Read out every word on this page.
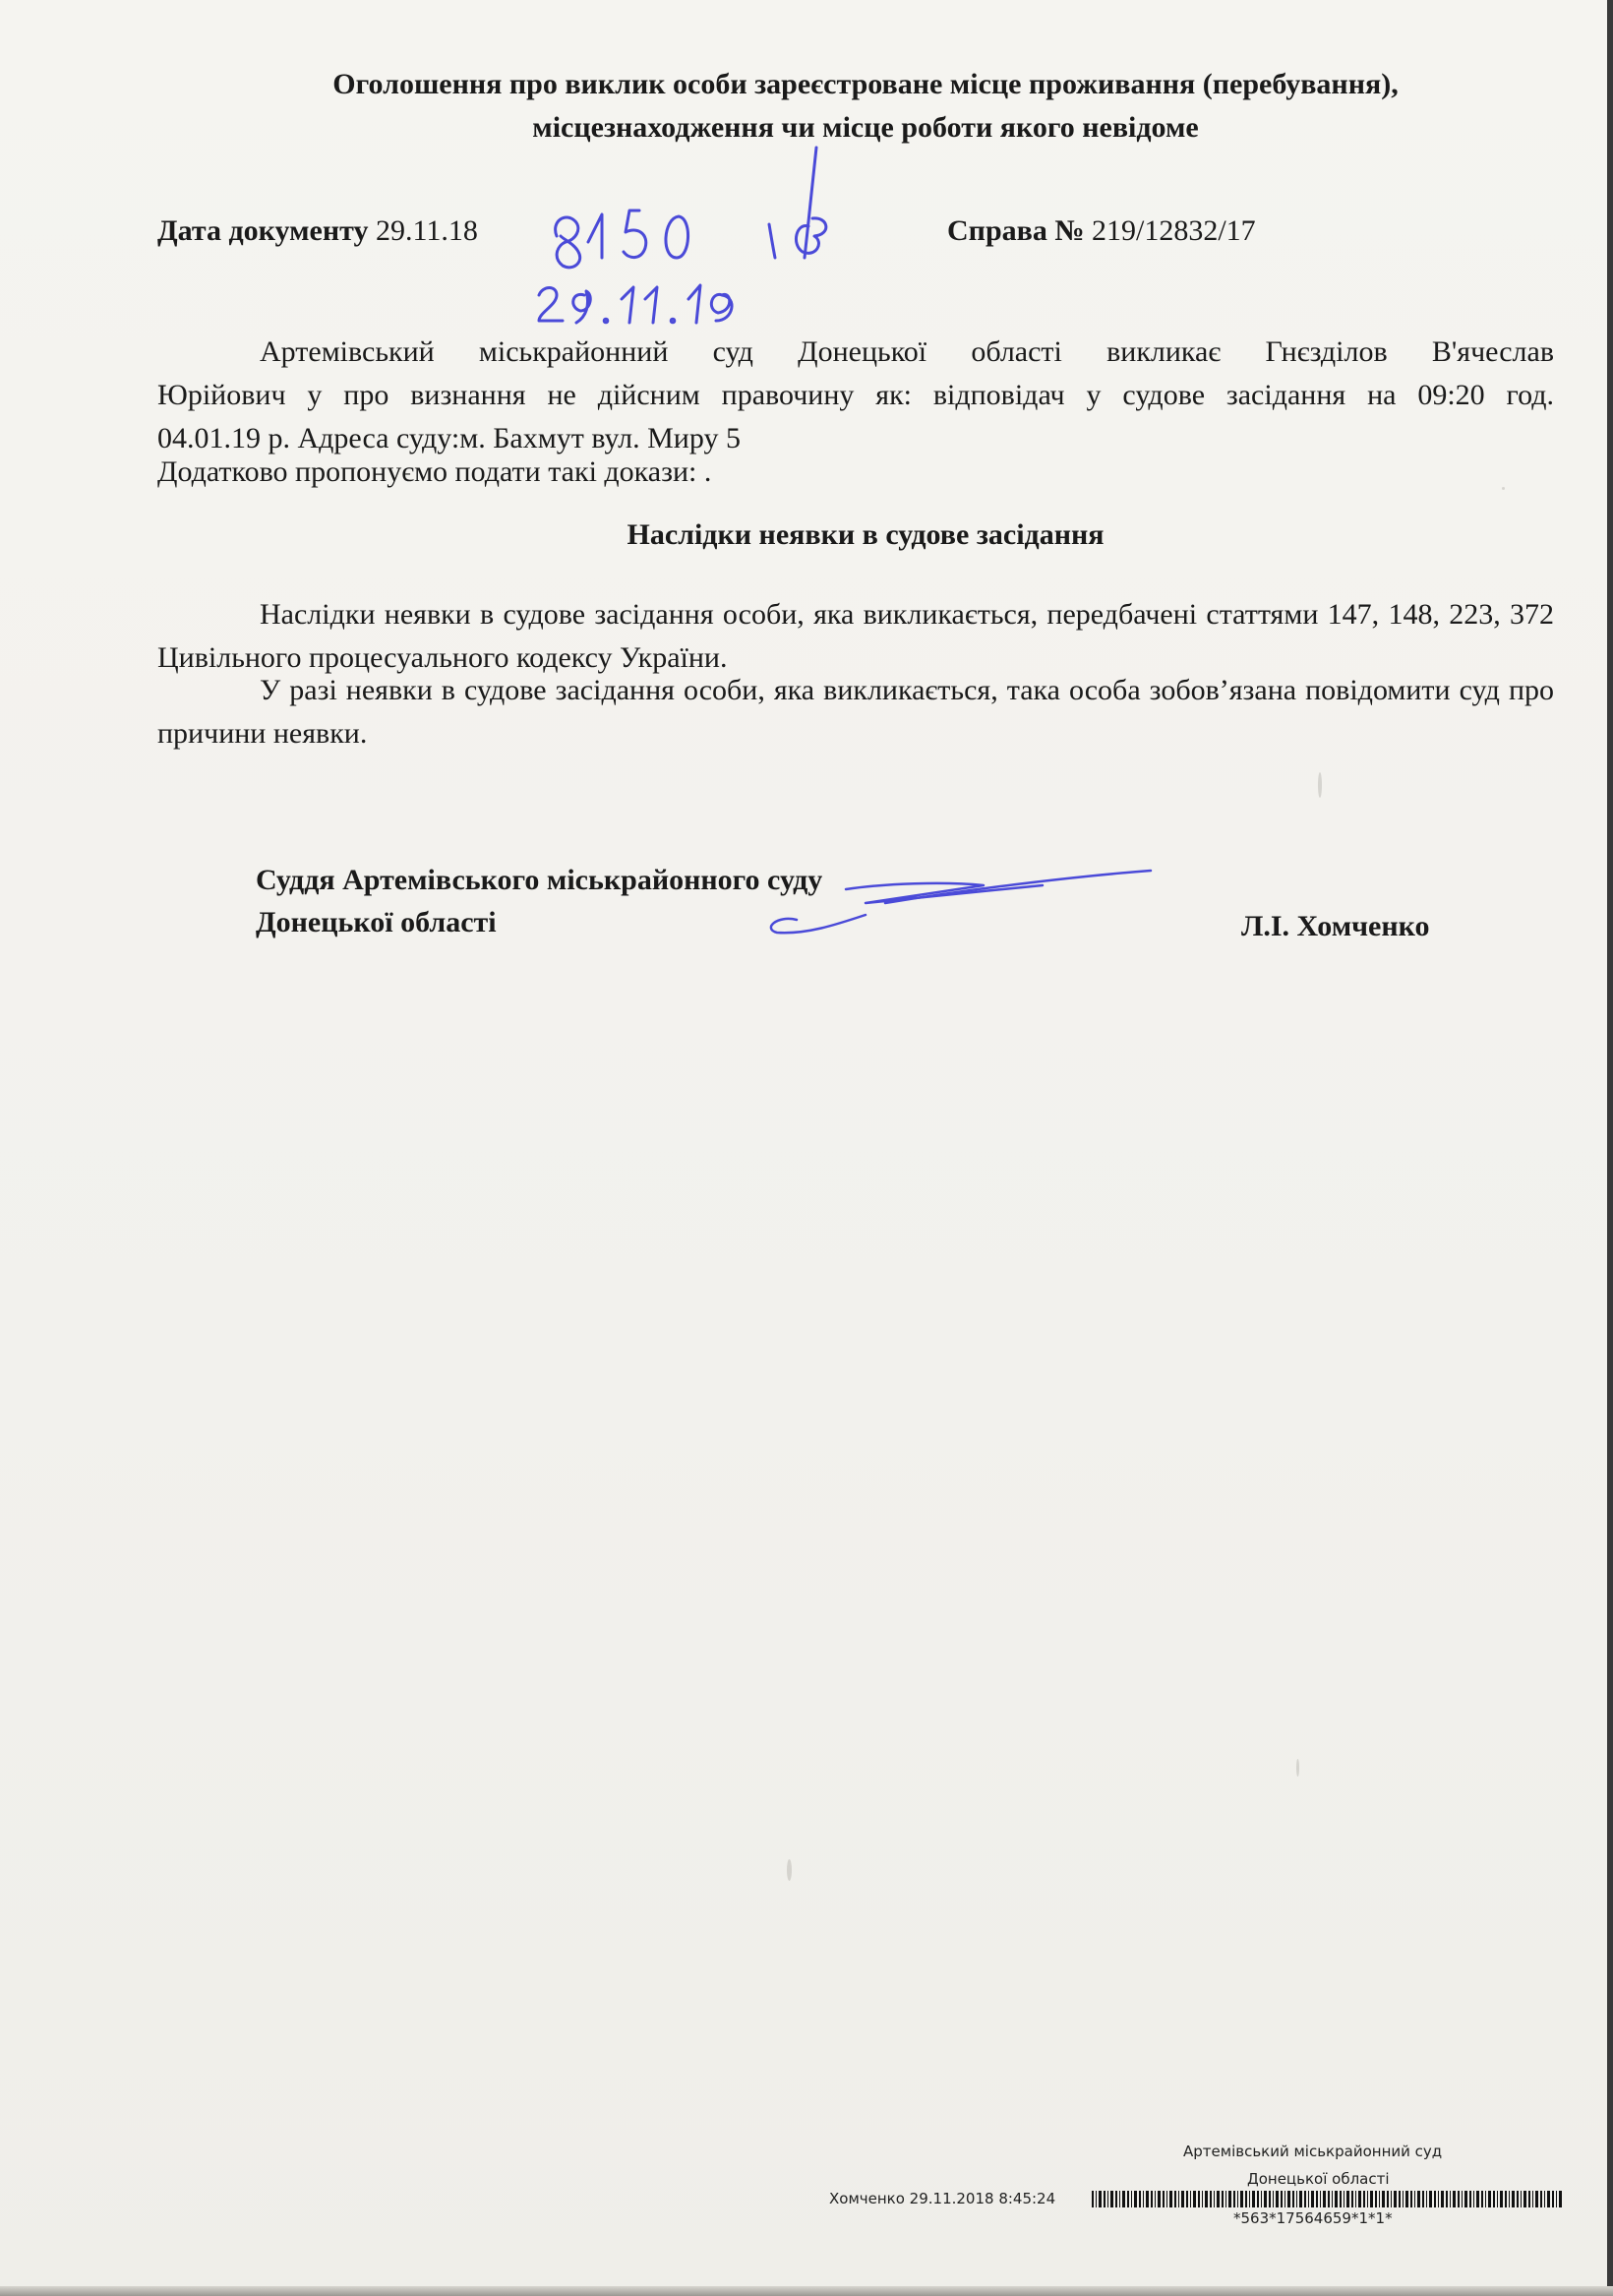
Оголошення про виклик особи зареєстроване місце проживання (перебування),
місцезнаходження чи місце роботи якого невідоме
Дата документу 29.11.18	Справа № 219/12832/17
Артемівський міськрайонний суд Донецької області викликає Гнєзділов В'ячеслав
Юрійович у про визнання не дійсним правочину як: відповідач у судове засідання на 09:20 год.
04.01.19 р. Адреса суду:м. Бахмут вул. Миру 5
Додатково пропонуємо подати такі докази: .
Наслідки неявки в судове засідання
Наслідки неявки в судове засідання особи, яка викликається, передбачені статтями 147, 148, 223, 372 Цивільного процесуального кодексу України.
У разі неявки в судове засідання особи, яка викликається, така особа зобов’язана повідомити суд про причини неявки.
Суддя Артемівського міськрайонного суду
Донецької області	Л.І. Хомченко
Артемівський міськрайонний суд
Донецької області
Хомченко 29.11.2018 8:45:24
*563*17564659*1*1*
